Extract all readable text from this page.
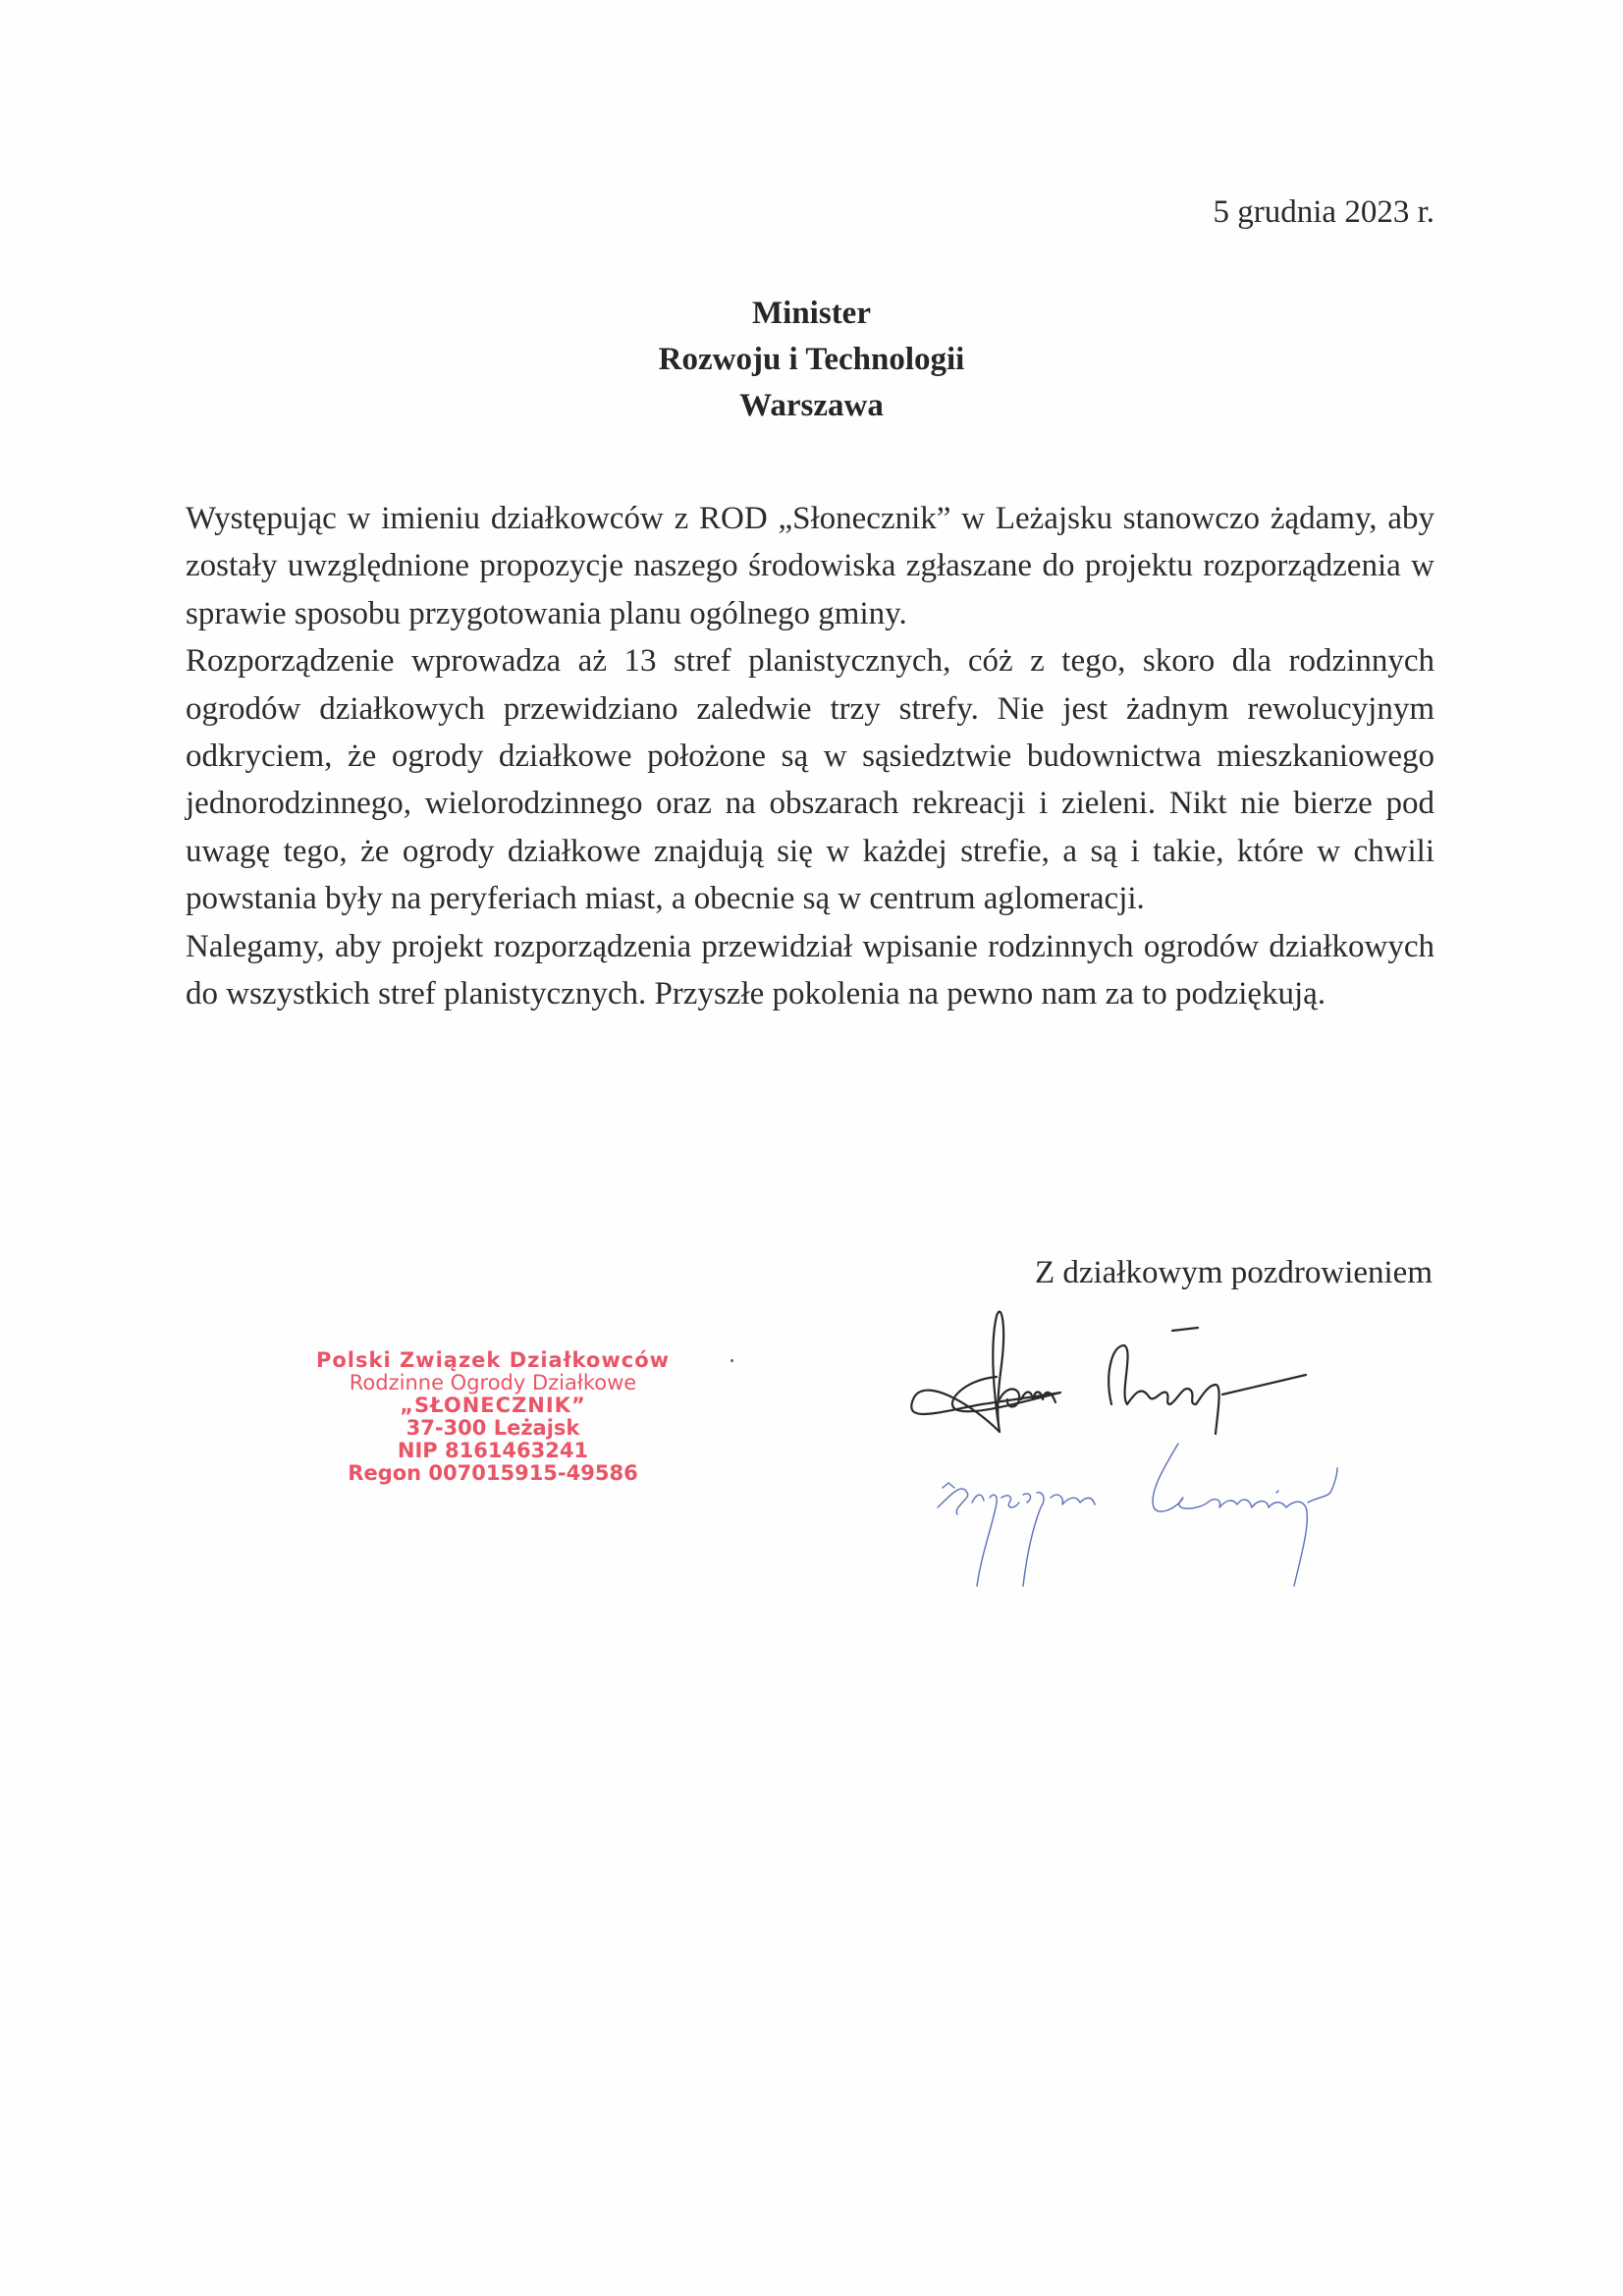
5 grudnia 2023 r.
Minister
Rozwoju i Technologii
Warszawa

Występując w imieniu działkowców z ROD „Słonecznik” w Leżajsku stanowczo żądamy, aby zostały uwzględnione propozycje naszego środowiska zgłaszane do projektu rozporządzenia w sprawie sposobu przygotowania planu ogólnego gminy.

Rozporządzenie wprowadza aż 13 stref planistycznych, cóż z tego, skoro dla rodzinnych ogrodów działkowych przewidziano zaledwie trzy strefy. Nie jest żadnym rewolucyjnym odkryciem, że ogrody działkowe położone są w sąsiedztwie budownictwa mieszkaniowego jednorodzinnego, wielorodzinnego oraz na obszarach rekreacji i zieleni. Nikt nie bierze pod uwagę tego, że ogrody działkowe znajdują się w każdej strefie, a są i takie, które w chwili powstania były na peryferiach miast, a obecnie są w centrum aglomeracji.

Nalegamy, aby projekt rozporządzenia przewidział wpisanie rodzinnych ogrodów działkowych do wszystkich stref planistycznych. Przyszłe pokolenia na pewno nam za to podziękują.

Z działkowym pozdrowieniem
Polski Związek Działkowców
Rodzinne Ogrody Działkowe
„SŁONECZNIK”
37-300 Leżajsk
NIP 8161463241
Regon 007015915-49586
